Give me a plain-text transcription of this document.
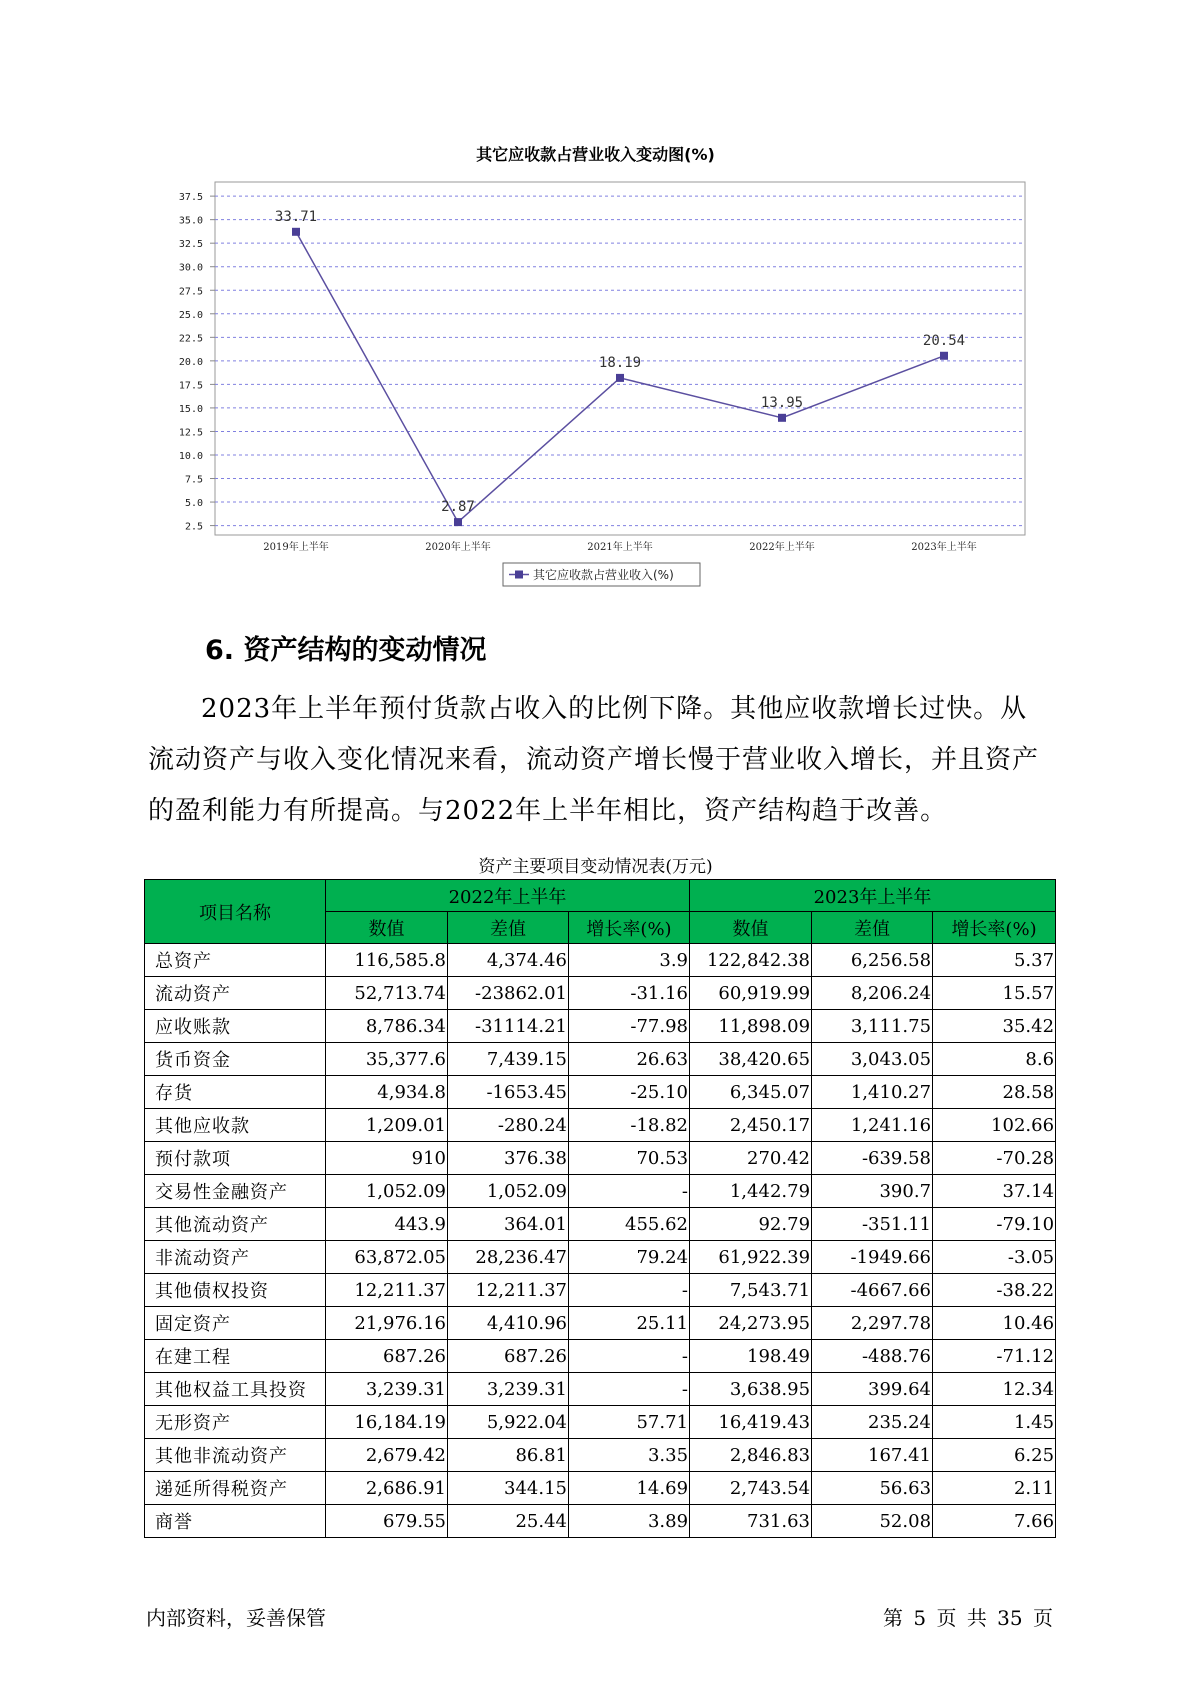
其它应收款占营业收入变动图(%)
2.5
5.0
7.5
10.0
12.5
15.0
17.5
20.0
22.5
25.0
27.5
30.0
32.5
35.0
37.5
2019年上半年	2020年上半年	2021年上半年	2022年上半年	2023年上半年
33.71
2.87
18.19
13.95
20.54
其它应收款占营业收入(%)
6. 资产结构的变动情况

2023年上半年预付货款占收入的比例下降。其他应收款增长过快。从流动资产与收入变化情况来看，流动资产增长慢于营业收入增长，并且资产的盈利能力有所提高。与2022年上半年相比，资产结构趋于改善。

资产主要项目变动情况表(万元)
项目名称	2022年上半年			2023年上半年		
	数值	差值	增长率(%)	数值	差值	增长率(%)
总资产	116,585.8	4,374.46	3.9	122,842.38	6,256.58	5.37
流动资产	52,713.74	-23862.01	-31.16	60,919.99	8,206.24	15.57
应收账款	8,786.34	-31114.21	-77.98	11,898.09	3,111.75	35.42
货币资金	35,377.6	7,439.15	26.63	38,420.65	3,043.05	8.6
存货	4,934.8	-1653.45	-25.10	6,345.07	1,410.27	28.58
其他应收款	1,209.01	-280.24	-18.82	2,450.17	1,241.16	102.66
预付款项	910	376.38	70.53	270.42	-639.58	-70.28
交易性金融资产	1,052.09	1,052.09	-	1,442.79	390.7	37.14
其他流动资产	443.9	364.01	455.62	92.79	-351.11	-79.10
非流动资产	63,872.05	28,236.47	79.24	61,922.39	-1949.66	-3.05
其他债权投资	12,211.37	12,211.37	-	7,543.71	-4667.66	-38.22
固定资产	21,976.16	4,410.96	25.11	24,273.95	2,297.78	10.46
在建工程	687.26	687.26	-	198.49	-488.76	-71.12
其他权益工具投资	3,239.31	3,239.31	-	3,638.95	399.64	12.34
无形资产	16,184.19	5,922.04	57.71	16,419.43	235.24	1.45
其他非流动资产	2,679.42	86.81	3.35	2,846.83	167.41	6.25
递延所得税资产	2,686.91	344.15	14.69	2,743.54	56.63	2.11
商誉	679.55	25.44	3.89	731.63	52.08	7.66
内部资料，妥善保管	第 5 页 共 35 页
